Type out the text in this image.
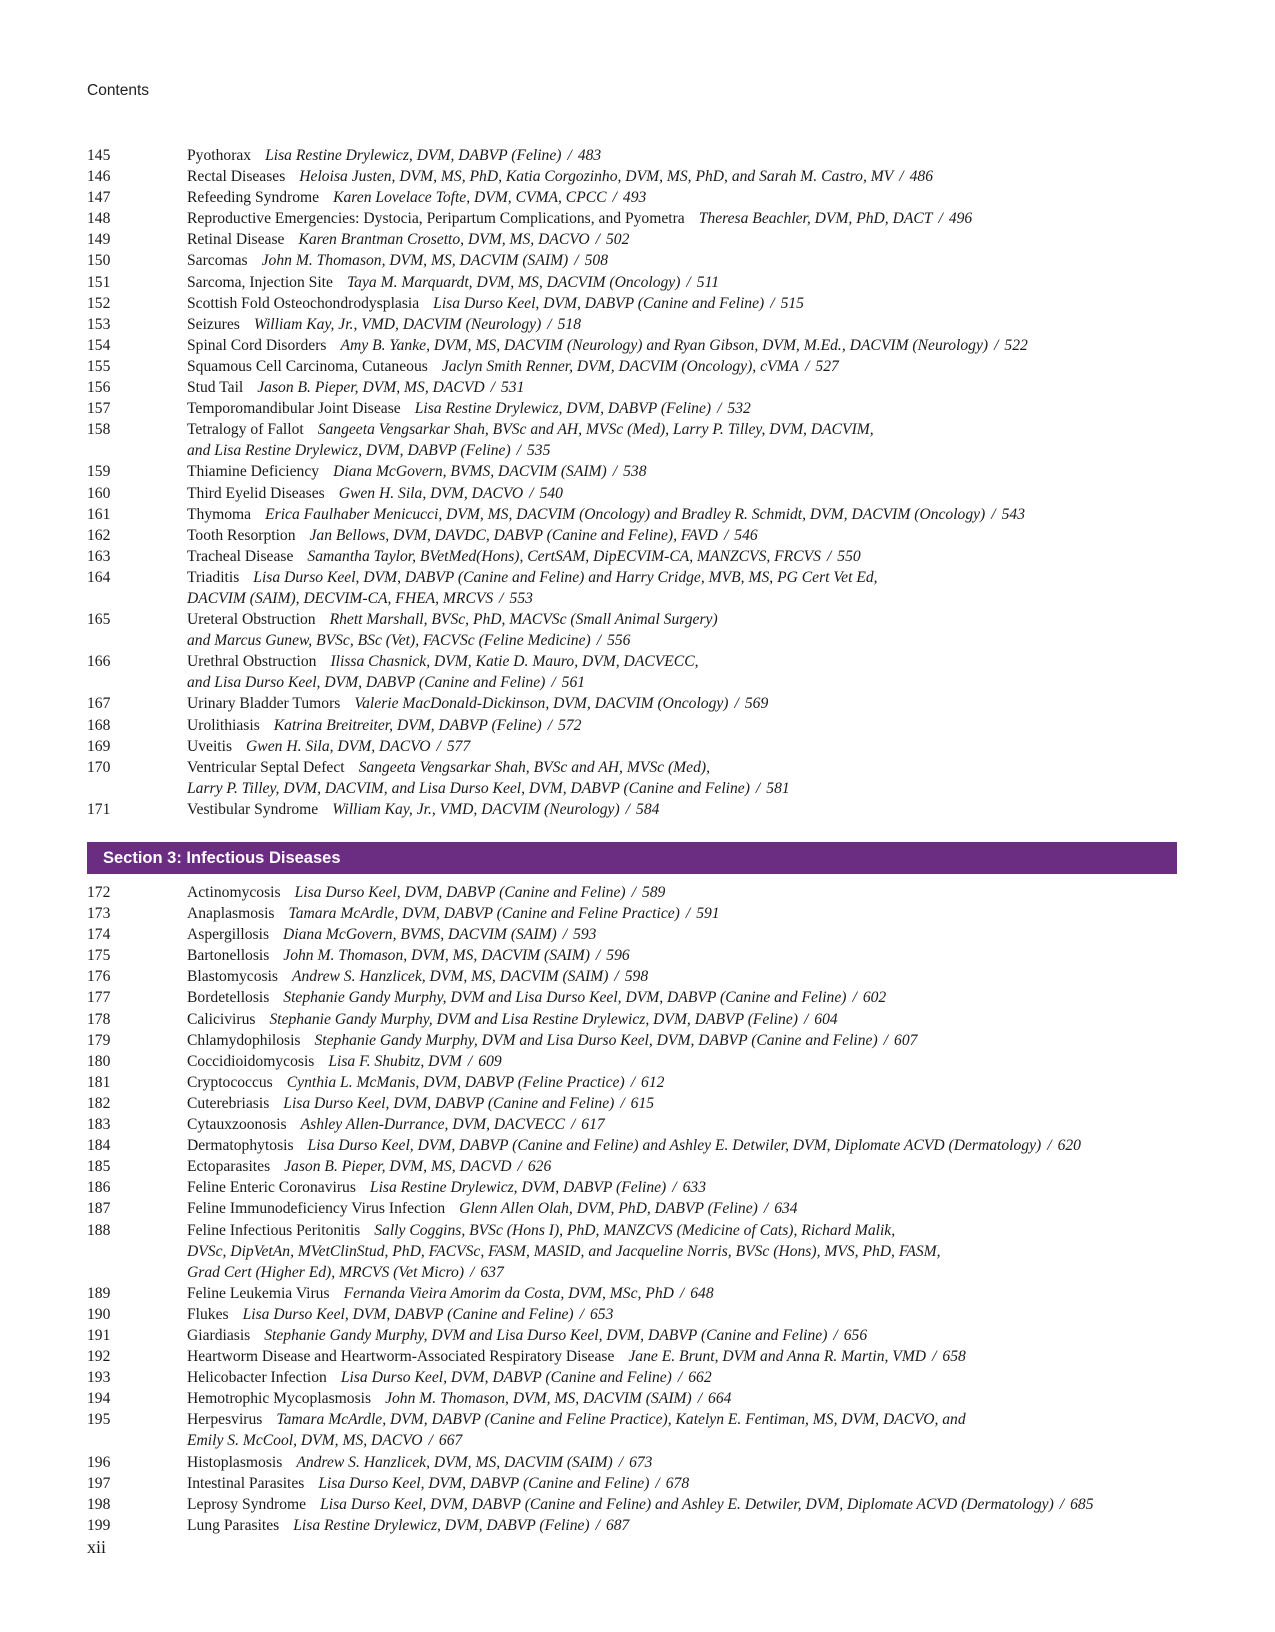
Contents
145	Pyothorax Lisa Restine Drylewicz, DVM, DABVP (Feline) / 483
146	Rectal Diseases Heloisa Justen, DVM, MS, PhD, Katia Corgozinho, DVM, MS, PhD, and Sarah M. Castro, MV / 486
147	Refeeding Syndrome Karen Lovelace Tofte, DVM, CVMA, CPCC / 493
148	Reproductive Emergencies: Dystocia, Peripartum Complications, and Pyometra Theresa Beachler, DVM, PhD, DACT / 496
149	Retinal Disease Karen Brantman Crosetto, DVM, MS, DACVO / 502
150	Sarcomas John M. Thomason, DVM, MS, DACVIM (SAIM) / 508
151	Sarcoma, Injection Site Taya M. Marquardt, DVM, MS, DACVIM (Oncology) / 511
152	Scottish Fold Osteochondrodysplasia Lisa Durso Keel, DVM, DABVP (Canine and Feline) / 515
153	Seizures William Kay, Jr., VMD, DACVIM (Neurology) / 518
154	Spinal Cord Disorders Amy B. Yanke, DVM, MS, DACVIM (Neurology) and Ryan Gibson, DVM, M.Ed., DACVIM (Neurology) / 522
155	Squamous Cell Carcinoma, Cutaneous Jaclyn Smith Renner, DVM, DACVIM (Oncology), cVMA / 527
156	Stud Tail Jason B. Pieper, DVM, MS, DACVD / 531
157	Temporomandibular Joint Disease Lisa Restine Drylewicz, DVM, DABVP (Feline) / 532
158	Tetralogy of Fallot Sangeeta Vengsarkar Shah, BVSc and AH, MVSc (Med), Larry P. Tilley, DVM, DACVIM,
and Lisa Restine Drylewicz, DVM, DABVP (Feline) / 535
159	Thiamine Deficiency Diana McGovern, BVMS, DACVIM (SAIM) / 538
160	Third Eyelid Diseases Gwen H. Sila, DVM, DACVO / 540
161	Thymoma Erica Faulhaber Menicucci, DVM, MS, DACVIM (Oncology) and Bradley R. Schmidt, DVM, DACVIM (Oncology) / 543
162	Tooth Resorption Jan Bellows, DVM, DAVDC, DABVP (Canine and Feline), FAVD / 546
163	Tracheal Disease Samantha Taylor, BVetMed(Hons), CertSAM, DipECVIM-CA, MANZCVS, FRCVS / 550
164	Triaditis Lisa Durso Keel, DVM, DABVP (Canine and Feline) and Harry Cridge, MVB, MS, PG Cert Vet Ed,
DACVIM (SAIM), DECVIM-CA, FHEA, MRCVS / 553
165	Ureteral Obstruction Rhett Marshall, BVSc, PhD, MACVSc (Small Animal Surgery)
and Marcus Gunew, BVSc, BSc (Vet), FACVSc (Feline Medicine) / 556
166	Urethral Obstruction Ilissa Chasnick, DVM, Katie D. Mauro, DVM, DACVECC,
and Lisa Durso Keel, DVM, DABVP (Canine and Feline) / 561
167	Urinary Bladder Tumors Valerie MacDonald-Dickinson, DVM, DACVIM (Oncology) / 569
168	Urolithiasis Katrina Breitreiter, DVM, DABVP (Feline) / 572
169	Uveitis Gwen H. Sila, DVM, DACVO / 577
170	Ventricular Septal Defect Sangeeta Vengsarkar Shah, BVSc and AH, MVSc (Med),
Larry P. Tilley, DVM, DACVIM, and Lisa Durso Keel, DVM, DABVP (Canine and Feline) / 581
171	Vestibular Syndrome William Kay, Jr., VMD, DACVIM (Neurology) / 584
Section 3: Infectious Diseases
172	Actinomycosis Lisa Durso Keel, DVM, DABVP (Canine and Feline) / 589
173	Anaplasmosis Tamara McArdle, DVM, DABVP (Canine and Feline Practice) / 591
174	Aspergillosis Diana McGovern, BVMS, DACVIM (SAIM) / 593
175	Bartonellosis John M. Thomason, DVM, MS, DACVIM (SAIM) / 596
176	Blastomycosis Andrew S. Hanzlicek, DVM, MS, DACVIM (SAIM) / 598
177	Bordetellosis Stephanie Gandy Murphy, DVM and Lisa Durso Keel, DVM, DABVP (Canine and Feline) / 602
178	Calicivirus Stephanie Gandy Murphy, DVM and Lisa Restine Drylewicz, DVM, DABVP (Feline) / 604
179	Chlamydophilosis Stephanie Gandy Murphy, DVM and Lisa Durso Keel, DVM, DABVP (Canine and Feline) / 607
180	Coccidioidomycosis Lisa F. Shubitz, DVM / 609
181	Cryptococcus Cynthia L. McManis, DVM, DABVP (Feline Practice) / 612
182	Cuterebriasis Lisa Durso Keel, DVM, DABVP (Canine and Feline) / 615
183	Cytauxzoonosis Ashley Allen-Durrance, DVM, DACVECC / 617
184	Dermatophytosis Lisa Durso Keel, DVM, DABVP (Canine and Feline) and Ashley E. Detwiler, DVM, Diplomate ACVD (Dermatology) / 620
185	Ectoparasites Jason B. Pieper, DVM, MS, DACVD / 626
186	Feline Enteric Coronavirus Lisa Restine Drylewicz, DVM, DABVP (Feline) / 633
187	Feline Immunodeficiency Virus Infection Glenn Allen Olah, DVM, PhD, DABVP (Feline) / 634
188	Feline Infectious Peritonitis Sally Coggins, BVSc (Hons I), PhD, MANZCVS (Medicine of Cats), Richard Malik,
DVSc, DipVetAn, MVetClinStud, PhD, FACVSc, FASM, MASID, and Jacqueline Norris, BVSc (Hons), MVS, PhD, FASM,
Grad Cert (Higher Ed), MRCVS (Vet Micro) / 637
189	Feline Leukemia Virus Fernanda Vieira Amorim da Costa, DVM, MSc, PhD / 648
190	Flukes Lisa Durso Keel, DVM, DABVP (Canine and Feline) / 653
191	Giardiasis Stephanie Gandy Murphy, DVM and Lisa Durso Keel, DVM, DABVP (Canine and Feline) / 656
192	Heartworm Disease and Heartworm-Associated Respiratory Disease Jane E. Brunt, DVM and Anna R. Martin, VMD / 658
193	Helicobacter Infection Lisa Durso Keel, DVM, DABVP (Canine and Feline) / 662
194	Hemotrophic Mycoplasmosis John M. Thomason, DVM, MS, DACVIM (SAIM) / 664
195	Herpesvirus Tamara McArdle, DVM, DABVP (Canine and Feline Practice), Katelyn E. Fentiman, MS, DVM, DACVO, and
Emily S. McCool, DVM, MS, DACVO / 667
196	Histoplasmosis Andrew S. Hanzlicek, DVM, MS, DACVIM (SAIM) / 673
197	Intestinal Parasites Lisa Durso Keel, DVM, DABVP (Canine and Feline) / 678
198	Leprosy Syndrome Lisa Durso Keel, DVM, DABVP (Canine and Feline) and Ashley E. Detwiler, DVM, Diplomate ACVD (Dermatology) / 685
199	Lung Parasites Lisa Restine Drylewicz, DVM, DABVP (Feline) / 687
xii
